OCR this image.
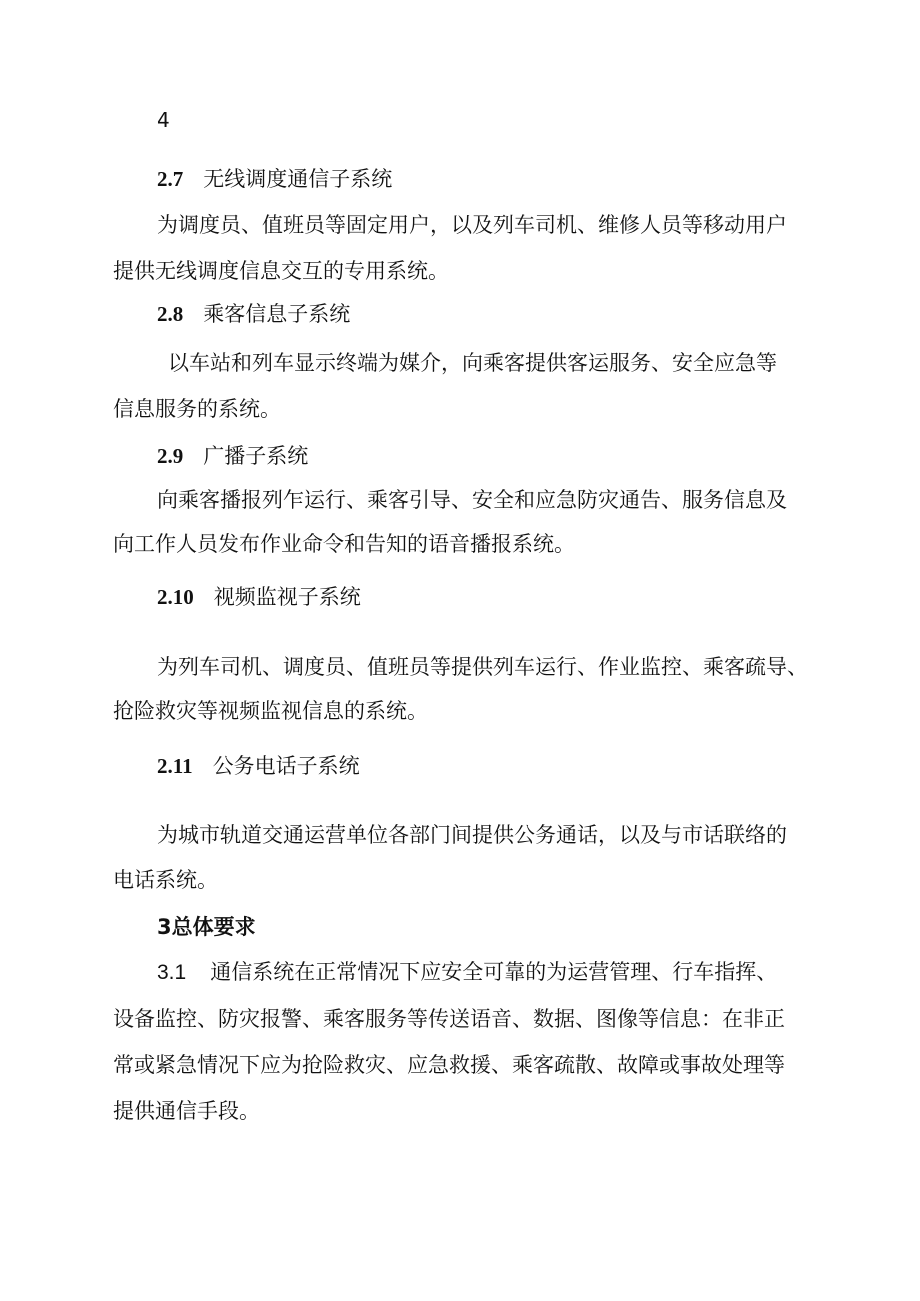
4
2.7 无线调度通信子系统
为调度员、值班员等固定用户，以及列车司机、维修人员等移动用户
提供无线调度信息交互的专用系统。
2.8 乘客信息子系统
以车站和列车显示终端为媒介，向乘客提供客运服务、安全应急等
信息服务的系统。
2.9 广播子系统
向乘客播报列乍运行、乘客引导、安全和应急防灾通告、服务信息及
向工作人员发布作业命令和告知的语音播报系统。
2.10 视频监视子系统
为列车司机、调度员、值班员等提供列车运行、作业监控、乘客疏导、
抢险救灾等视频监视信息的系统。
2.11 公务电话子系统
为城市轨道交通运营单位各部门间提供公务通话，以及与市话联络的
电话系统。
3总体要求
3.1 通信系统在正常情况下应安全可靠的为运营管理、行车指挥、
设备监控、防灾报警、乘客服务等传送语音、数据、图像等信息：在非正
常或紧急情况下应为抢险救灾、应急救援、乘客疏散、故障或事故处理等
提供通信手段。
